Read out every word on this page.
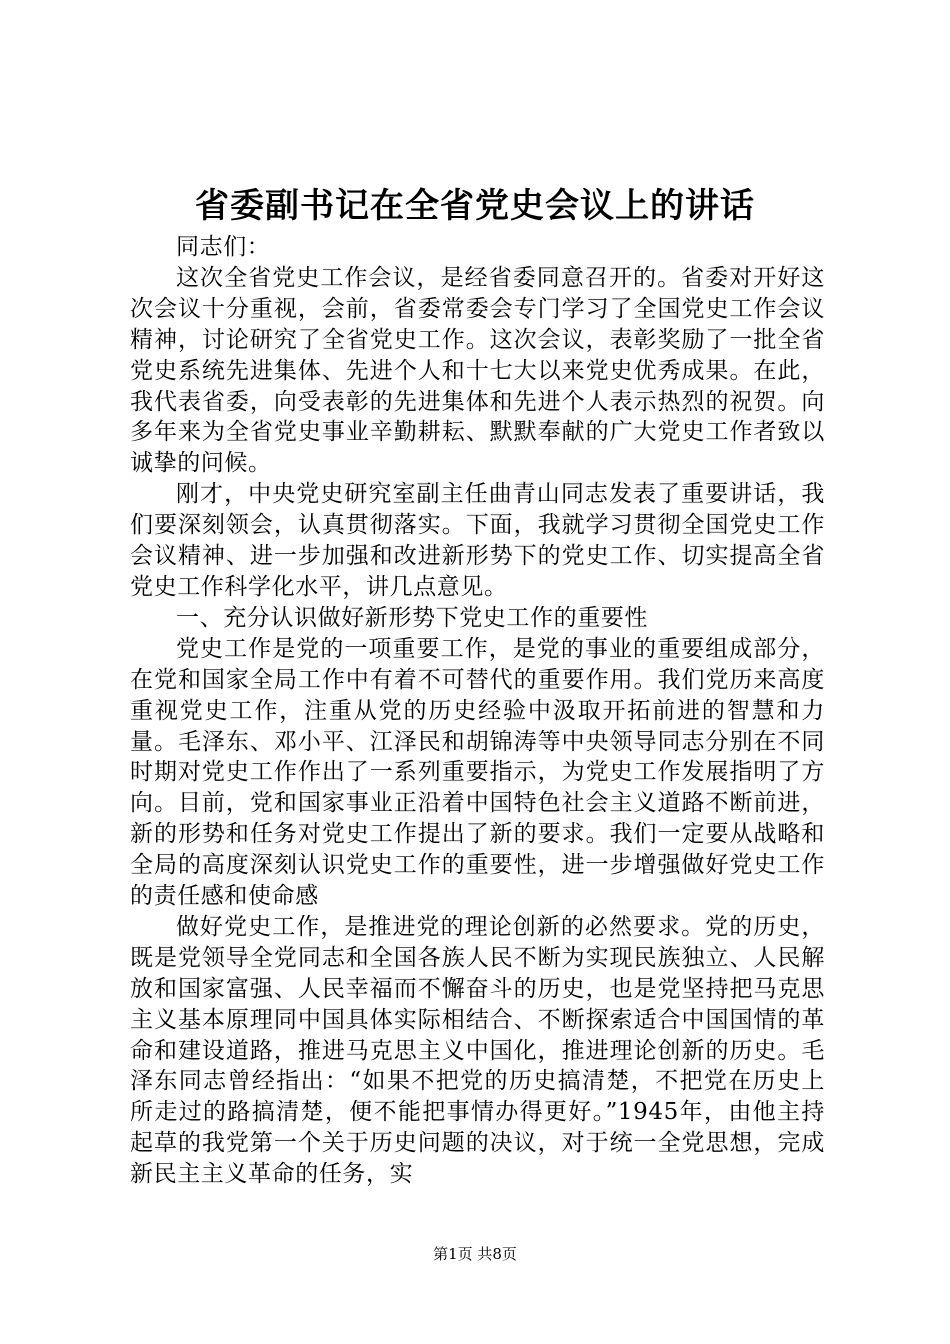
省委副书记在全省党史会议上的讲话

同志们：

这次全省党史工作会议，是经省委同意召开的。省委对开好这次会议十分重视，会前，省委常委会专门学习了全国党史工作会议精神，讨论研究了全省党史工作。这次会议，表彰奖励了一批全省党史系统先进集体、先进个人和十七大以来党史优秀成果。在此，我代表省委，向受表彰的先进集体和先进个人表示热烈的祝贺。向多年来为全省党史事业辛勤耕耘、默默奉献的广大党史工作者致以诚挚的问候。

刚才，中央党史研究室副主任曲青山同志发表了重要讲话，我们要深刻领会，认真贯彻落实。下面，我就学习贯彻全国党史工作会议精神、进一步加强和改进新形势下的党史工作、切实提高全省党史工作科学化水平，讲几点意见。

一、充分认识做好新形势下党史工作的重要性

党史工作是党的一项重要工作，是党的事业的重要组成部分，在党和国家全局工作中有着不可替代的重要作用。我们党历来高度重视党史工作，注重从党的历史经验中汲取开拓前进的智慧和力量。毛泽东、邓小平、江泽民和胡锦涛等中央领导同志分别在不同时期对党史工作作出了一系列重要指示，为党史工作发展指明了方向。目前，党和国家事业正沿着中国特色社会主义道路不断前进，新的形势和任务对党史工作提出了新的要求。我们一定要从战略和全局的高度深刻认识党史工作的重要性，进一步增强做好党史工作的责任感和使命感

做好党史工作，是推进党的理论创新的必然要求。党的历史，既是党领导全党同志和全国各族人民不断为实现民族独立、人民解放和国家富强、人民幸福而不懈奋斗的历史，也是党坚持把马克思主义基本原理同中国具体实际相结合、不断探索适合中国国情的革命和建设道路，推进马克思主义中国化，推进理论创新的历史。毛泽东同志曾经指出：“如果不把党的历史搞清楚，不把党在历史上所走过的路搞清楚，便不能把事情办得更好。”1945年，由他主持起草的我党第一个关于历史问题的决议，对于统一全党思想，完成新民主主义革命的任务，实

第1页 共8页
